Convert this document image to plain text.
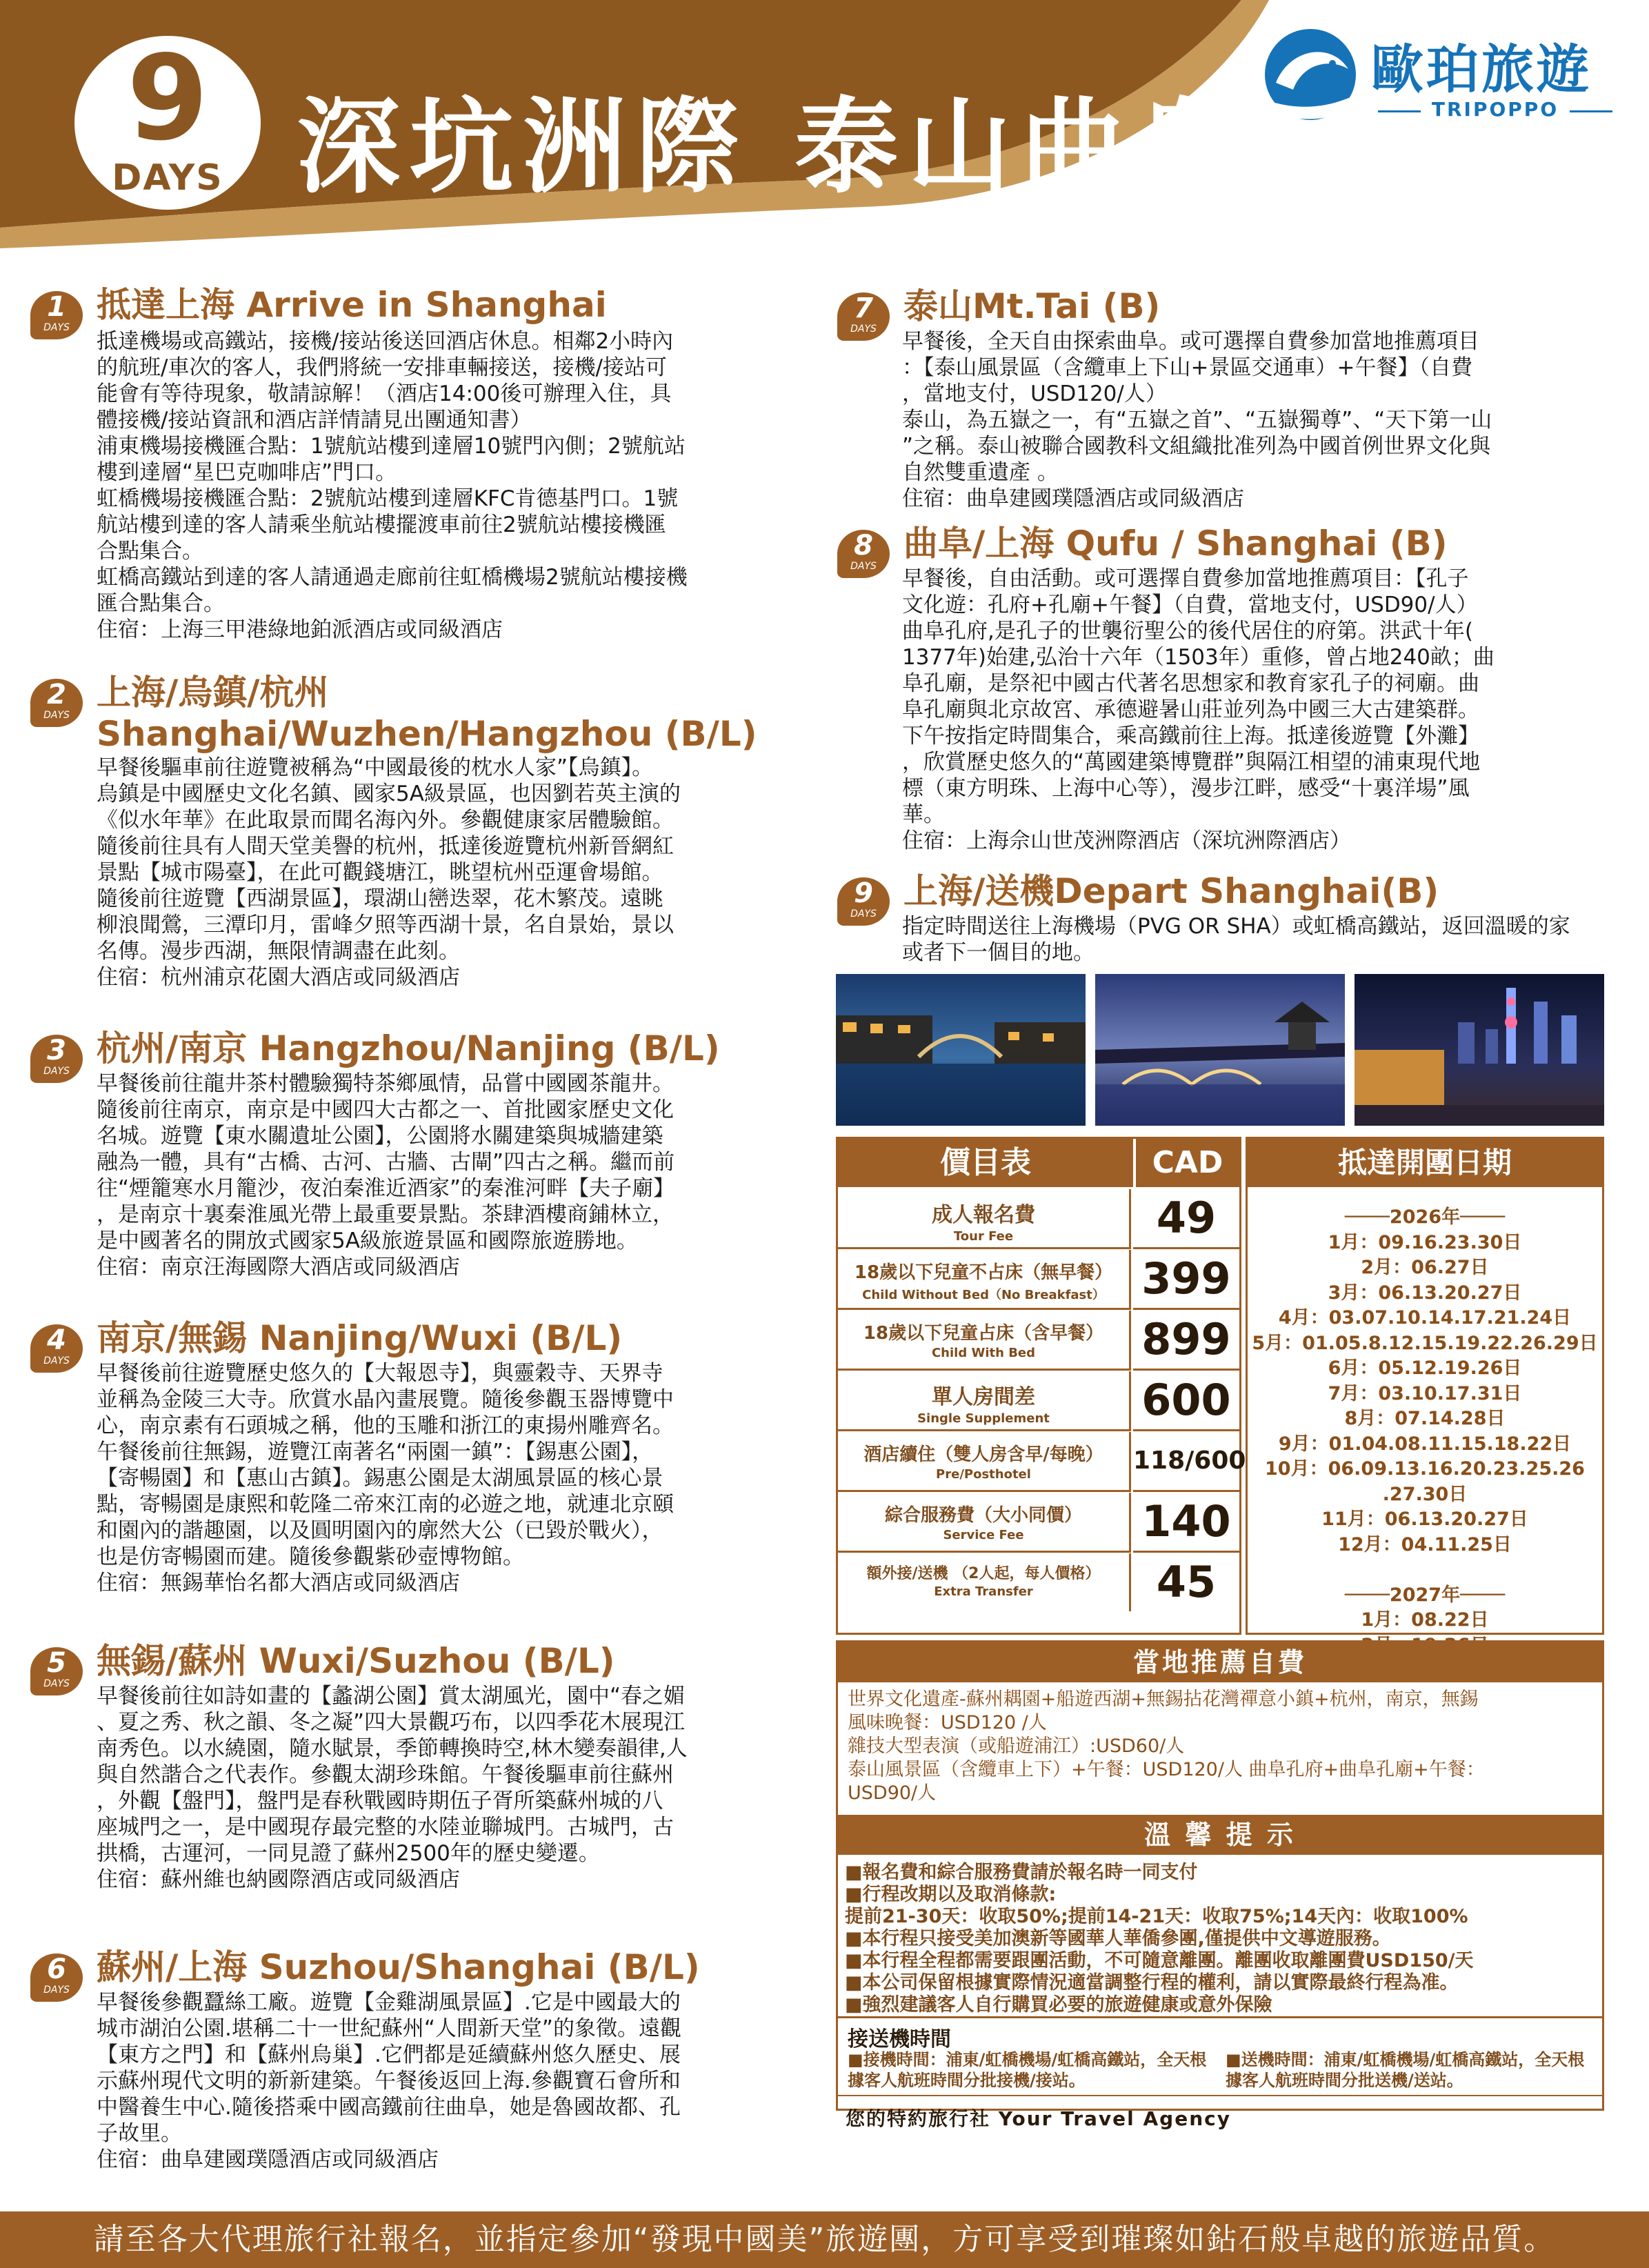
9
DAYS 深坑洲際 泰山曲阜
歐珀旅遊
TRIPOPPO
1
DAYS
抵達上海 Arrive in Shanghai

抵達機場或高鐵站，接機/接站後送回酒店休息。相鄰2小時內

的航班/車次的客人，我們將統一安排車輛接送，接機/接站可

能會有等待現象，敬請諒解！（酒店14:00後可辦理入住，具

體接機/接站資訊和酒店詳情請見出團通知書）

浦東機場接機匯合點：1號航站樓到達層10號門內側；2號航站

樓到達層“星巴克咖啡店”門口。

虹橋機場接機匯合點：2號航站樓到達層KFC肯德基門口。1號

航站樓到達的客人請乘坐航站樓擺渡車前往2號航站樓接機匯

合點集合。

虹橋高鐵站到達的客人請通過走廊前往虹橋機場2號航站樓接機

匯合點集合。

住宿：上海三甲港綠地鉑派酒店或同級酒店

2
DAYS
上海/烏鎮/杭州
Shanghai/Wuzhen/Hangzhou (B/L)

早餐後驅車前往遊覽被稱為“中國最後的枕水人家”【烏鎮】。

烏鎮是中國歷史文化名鎮、國家5A級景區，也因劉若英主演的

《似水年華》在此取景而聞名海內外。參觀健康家居體驗館。

隨後前往具有人間天堂美譽的杭州，抵達後遊覽杭州新晉網紅

景點【城市陽臺】，在此可觀錢塘江，眺望杭州亞運會場館。

隨後前往遊覽【西湖景區】，環湖山巒迭翠，花木繁茂。遠眺

柳浪聞鶯，三潭印月，雷峰夕照等西湖十景，名自景始，景以

名傳。漫步西湖，無限情調盡在此刻。

住宿：杭州浦京花園大酒店或同級酒店

3
DAYS
杭州/南京 Hangzhou/Nanjing (B/L)

早餐後前往龍井茶村體驗獨特茶鄉風情，品嘗中國國茶龍井。

隨後前往南京，南京是中國四大古都之一、首批國家歷史文化

名城。遊覽【東水關遺址公園】，公園將水關建築與城牆建築

融為一體，具有“古橋、古河、古牆、古閘”四古之稱。繼而前

往“煙籠寒水月籠沙，夜泊秦淮近酒家”的秦淮河畔【夫子廟】

，是南京十裏秦淮風光帶上最重要景點。茶肆酒樓商鋪林立，

是中國著名的開放式國家5A級旅遊景區和國際旅遊勝地。

住宿：南京汪海國際大酒店或同級酒店

4
DAYS
南京/無錫 Nanjing/Wuxi (B/L)

早餐後前往遊覽歷史悠久的【大報恩寺】，與靈穀寺、天界寺

並稱為金陵三大寺。欣賞水晶內畫展覽。隨後參觀玉器博覽中

心，南京素有石頭城之稱，他的玉雕和浙江的東揚州雕齊名。

午餐後前往無錫，遊覽江南著名“兩園一鎮”：【錫惠公園】，

【寄暢園】和【惠山古鎮】。錫惠公園是太湖風景區的核心景

點，寄暢園是康熙和乾隆二帝來江南的必遊之地，就連北京頤

和園內的諧趣園，以及圓明園內的廓然大公（已毀於戰火），

也是仿寄暢園而建。隨後參觀紫砂壺博物館。

住宿：無錫華怡名都大酒店或同級酒店

5
DAYS
無錫/蘇州 Wuxi/Suzhou (B/L)

早餐後前往如詩如畫的【蠡湖公園】賞太湖風光，園中“春之媚

、夏之秀、秋之韻、冬之凝”四大景觀巧布，以四季花木展現江

南秀色。以水繞園，隨水賦景，季節轉換時空,林木變奏韻律,人

與自然諧合之代表作。參觀太湖珍珠館。午餐後驅車前往蘇州

，外觀【盤門】，盤門是春秋戰國時期伍子胥所築蘇州城的八

座城門之一，是中國現存最完整的水陸並聯城門。古城門，古

拱橋，古運河，一同見證了蘇州2500年的歷史變遷。

住宿：蘇州維也納國際酒店或同級酒店

6
DAYS
蘇州/上海 Suzhou/Shanghai (B/L)

早餐後參觀蠶絲工廠。遊覽【金雞湖風景區】.它是中國最大的

城市湖泊公園.堪稱二十一世紀蘇州“人間新天堂”的象徵。遠觀

【東方之門】和【蘇州烏巢】.它們都是延續蘇州悠久歷史、展

示蘇州現代文明的新新建築。午餐後返回上海.參觀寶石會所和

中醫養生中心.隨後搭乘中國高鐵前往曲阜，她是魯國故都、孔

子故里。

住宿：曲阜建國璞隱酒店或同級酒店

7
DAYS
泰山Mt.Tai (B)

早餐後，全天自由探索曲阜。或可選擇自費參加當地推薦項目

：【泰山風景區（含纜車上下山+景區交通車）+午餐】（自費

，當地支付，USD120/人）

泰山，為五嶽之一，有“五嶽之首”、“五嶽獨尊”、“天下第一山

”之稱。泰山被聯合國教科文組織批准列為中國首例世界文化與

自然雙重遺產 。

住宿：曲阜建國璞隱酒店或同級酒店

8
DAYS
曲阜/上海 Qufu / Shanghai (B)

早餐後，自由活動。或可選擇自費參加當地推薦項目：【孔子

文化遊：孔府+孔廟+午餐】（自費，當地支付，USD90/人）

曲阜孔府,是孔子的世襲衍聖公的後代居住的府第。洪武十年(

1377年)始建,弘治十六年（1503年）重修，曾占地240畝；曲

阜孔廟，是祭祀中國古代著名思想家和教育家孔子的祠廟。曲

阜孔廟與北京故宮、承德避暑山莊並列為中國三大古建築群。

下午按指定時間集合，乘高鐵前往上海。抵達後遊覽【外灘】

，欣賞歷史悠久的“萬國建築博覽群”與隔江相望的浦東現代地

標（東方明珠、上海中心等），漫步江畔，感受“十裏洋場”風

華。

住宿：上海佘山世茂洲際酒店（深坑洲際酒店）

9
DAYS
上海/送機Depart Shanghai(B)

指定時間送往上海機場（PVG OR SHA）或虹橋高鐵站，返回溫暖的家

或者下一個目的地。

價目表	CAD
成人報名費
Tour Fee	49
18歲以下兒童不占床（無早餐）
Child Without Bed（No Breakfast） 399
18歲以下兒童占床（含早餐）
Child With Bed	899
單人房間差
Single Supplement	600
酒店續住（雙人房含早/每晚）
Pre/Posthotel	118/600
綜合服務費（大小同價）
Service Fee	140
額外接/送機 （2人起，每人價格）
Extra Transfer	45
抵達開團日期
──── 2026年 ────
1月：09.16.23.30日
2月：06.27日
3月：06.13.20.27日
4月：03.07.10.14.17.21.24日
5月：01.05.8.12.15.19.22.26.29日
6月：05.12.19.26日
7月：03.10.17.31日
8月：07.14.28日
9月：01.04.08.11.15.18.22日
10月：06.09.13.16.20.23.25.26
.27.30日
11月：06.13.20.27日
12月：04.11.25日

──── 2027年 ────
1月：08.22日
當地推薦自費
世界文化遺產-蘇州耦園+船遊西湖+無錫拈花灣禪意小鎮+杭州，南京，無錫
風味晚餐：USD120 /人
雜技大型表演（或船遊浦江）:USD60/人
泰山風景區（含纜車上下）+午餐：USD120/人 曲阜孔府+曲阜孔廟+午餐：
USD90/人
溫 馨 提 示
■報名費和綜合服務費請於報名時一同支付
■行程改期以及取消條款:
提前21-30天：收取50%;提前14-21天：收取75%;14天內：收取100%
■本行程只接受美加澳新等國華人華僑參團,僅提供中文導遊服務。
■本行程全程都需要跟團活動，不可隨意離團。離團收取離團費USD150/天
■本公司保留根據實際情況適當調整行程的權利，請以實際最終行程為准。
■強烈建議客人自行購買必要的旅遊健康或意外保險
接送機時間
■接機時間：浦東/虹橋機場/虹橋高鐵站，全天根據客人航班時間分批接機/接站。
■送機時間：浦東/虹橋機場/虹橋高鐵站，全天根據客人航班時間分批送機/送站。
您的特約旅行社 Your Travel Agency
請至各大代理旅行社報名，並指定參加“發現中國美”旅遊團，方可享受到璀璨如鉆石般卓越的旅遊品質。
